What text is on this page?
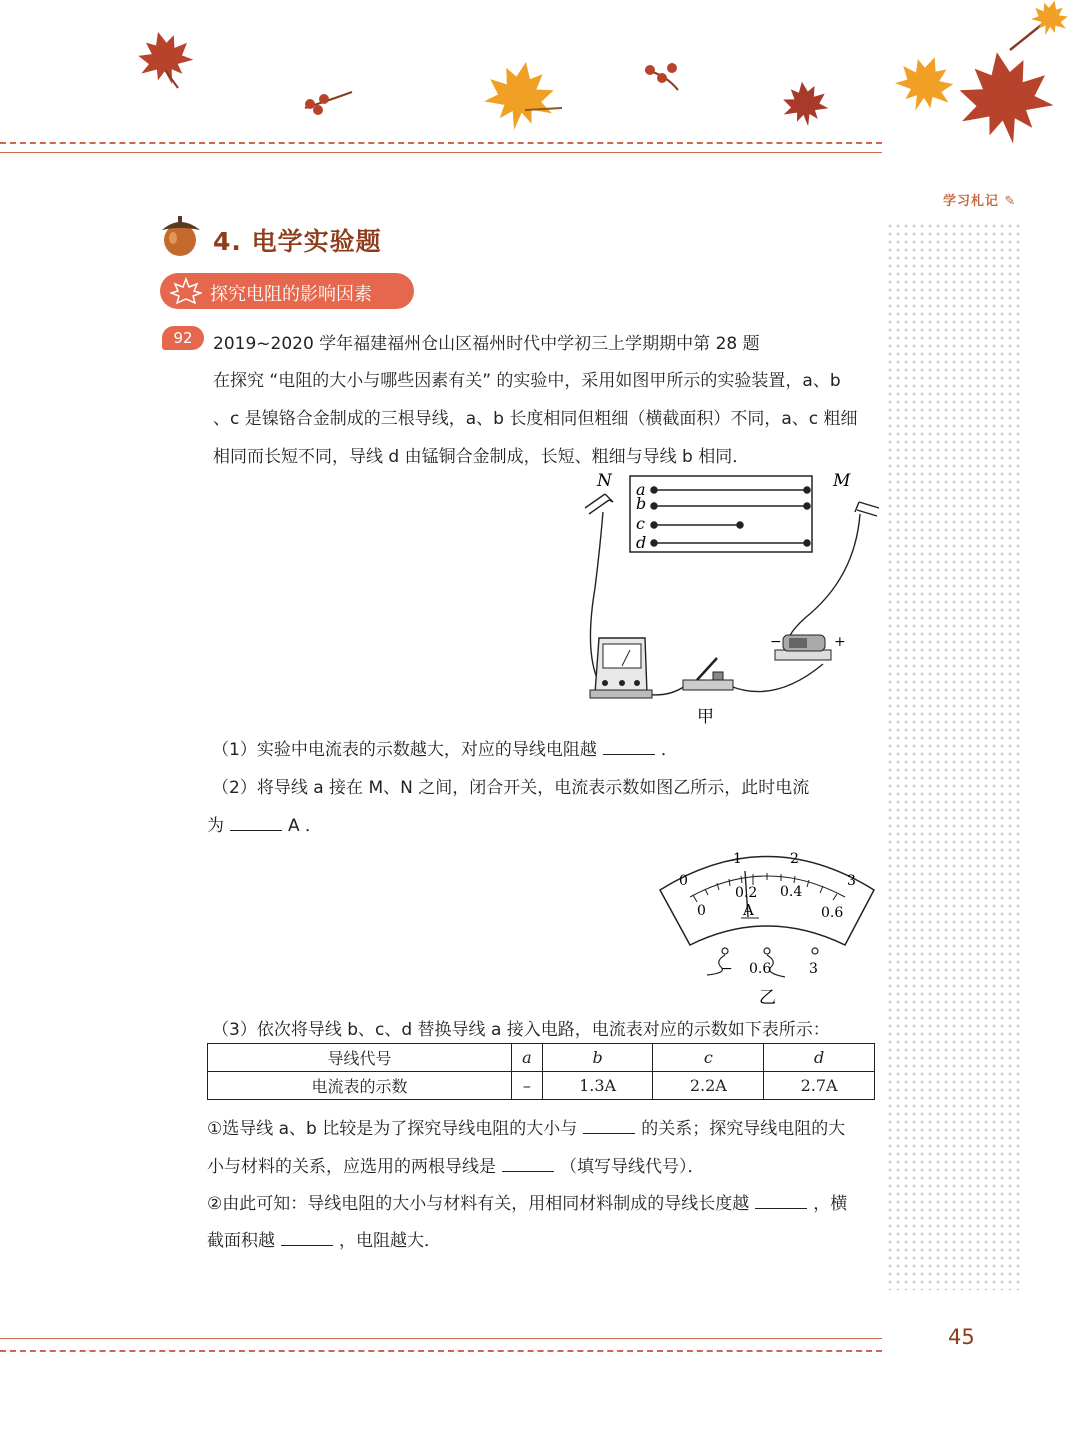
学习札记 ✎
4. 电学实验题
探究电阻的影响因素
92	2019~2020 学年福建福州仓山区福州时代中学初三上学期期中第 28 题
在探究 “电阻的大小与哪些因素有关” 的实验中，采用如图甲所示的实验装置，a、b
、c 是镍铬合金制成的三根导线，a、b 长度相同但粗细（横截面积）不同，a、c 粗细
相同而长短不同，导线 d 由锰铜合金制成，长短、粗细与导线 b 相同．
a
b
c
d
N	M
−	+
甲
（1）实验中电流表的示数越大，对应的导线电阻越	．
（2）将导线 a 接在 M、N 之间，闭合开关，电流表示数如图乙所示，此时电流
为	A ．
0
1	2
3
0
0.2 0.4
0.6
A
− 0.6	3
乙
（3）依次将导线 b、c、d 替换导线 a 接入电路，电流表对应的示数如下表所示：
导线代号	a	b	c	d
电流表的示数	–	1.3A	2.2A	2.7A
①选导线 a、b 比较是为了探究导线电阻的大小与	的关系；探究导线电阻的大
小与材料的关系，应选用的两根导线是	（填写导线代号）．
②由此可知：导线电阻的大小与材料有关，用相同材料制成的导线长度越	，横
截面积越	，电阻越大．
45
